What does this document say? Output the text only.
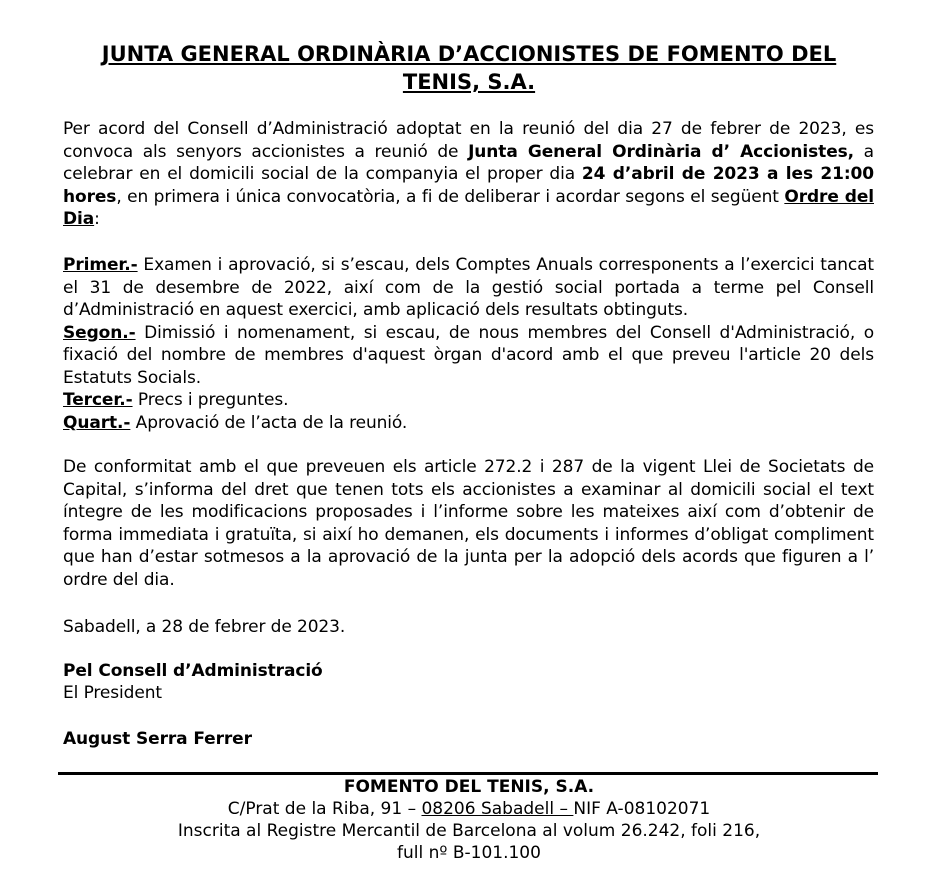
JUNTA GENERAL ORDINÀRIA D’ACCIONISTES DE FOMENTO DEL TENIS, S.A.

Per acord del Consell d’Administració adoptat en la reunió del dia 27 de febrer de 2023, es convoca als senyors accionistes a reunió de Junta General Ordinària d’ Accionistes, a celebrar en el domicili social de la companyia el proper dia 24 d’abril de 2023 a les 21:00 hores, en primera i única convocatòria, a fi de deliberar i acordar segons el següent Ordre del Dia:

Primer.- Examen i aprovació, si s’escau, dels Comptes Anuals corresponents a l’exercici tancat el 31 de desembre de 2022, així com de la gestió social portada a terme pel Consell d’Administració en aquest exercici, amb aplicació dels resultats obtinguts.

Segon.- Dimissió i nomenament, si escau, de nous membres del Consell d'Administració, o fixació del nombre de membres d'aquest òrgan d'acord amb el que preveu l'article 20 dels Estatuts Socials.

Tercer.- Precs i preguntes.

Quart.- Aprovació de l’acta de la reunió.

De conformitat amb el que preveuen els article 272.2 i 287 de la vigent Llei de Societats de Capital, s’informa del dret que tenen tots els accionistes a examinar al domicili social el text íntegre de les modificacions proposades i l’informe sobre les mateixes així com d’obtenir de forma immediata i gratuïta, si així ho demanen, els documents i informes d’obligat compliment que han d’estar sotmesos a la aprovació de la junta per la adopció dels acords que figuren a l’ ordre del dia.

Sabadell, a 28 de febrer de 2023.
Pel Consell d’Administració
El President
August Serra Ferrer
FOMENTO DEL TENIS, S.A.
C/Prat de la Riba, 91 – 08206 Sabadell – NIF A-08102071
Inscrita al Registre Mercantil de Barcelona al volum 26.242, foli 216,
full nº B-101.100
